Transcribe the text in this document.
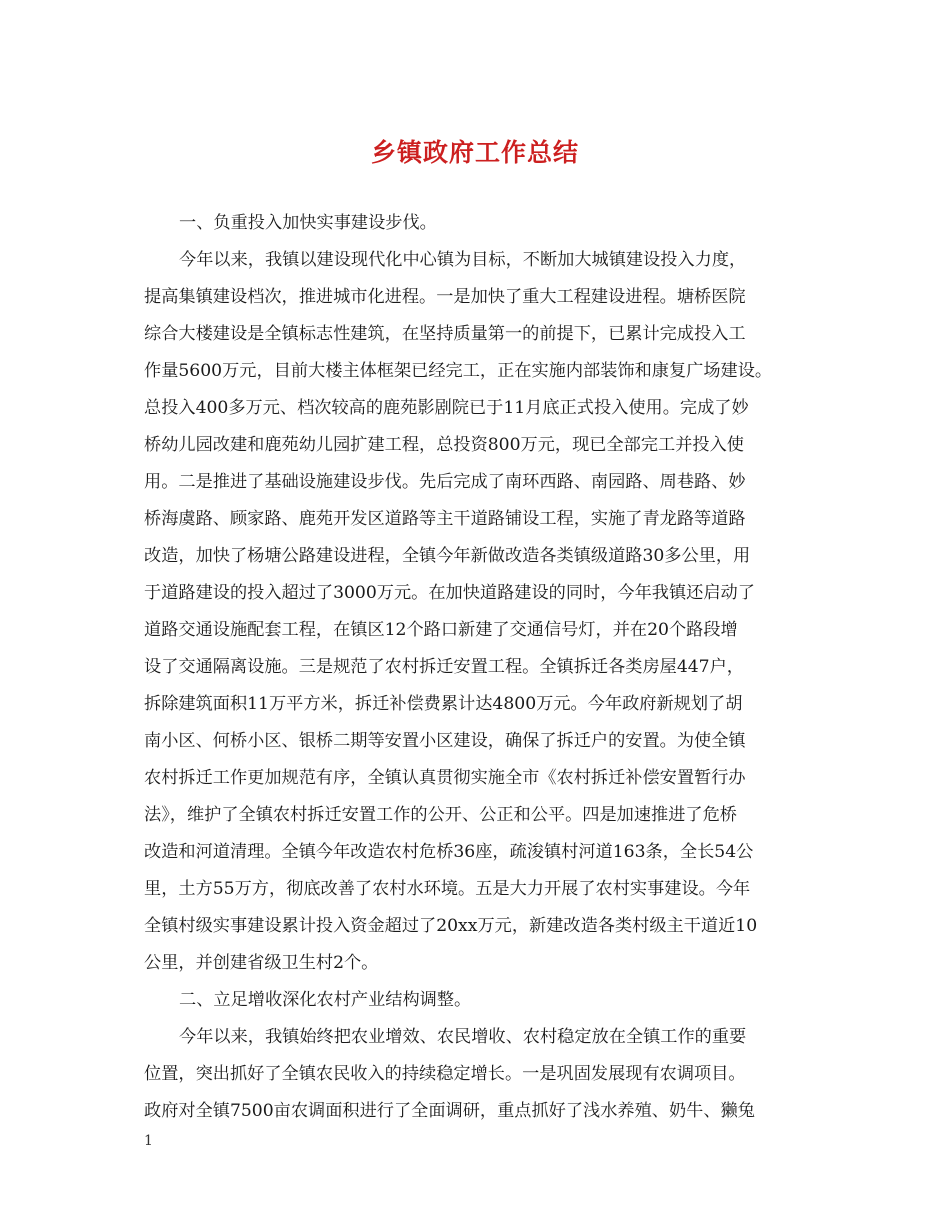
乡镇政府工作总结
一、负重投入加快实事建设步伐。
今年以来，我镇以建设现代化中心镇为目标，不断加大城镇建设投入力度，
提高集镇建设档次，推进城市化进程。一是加快了重大工程建设进程。塘桥医院
综合大楼建设是全镇标志性建筑，在坚持质量第一的前提下，已累计完成投入工
作量5600万元，目前大楼主体框架已经完工，正在实施内部装饰和康复广场建设。
总投入400多万元、档次较高的鹿苑影剧院已于11月底正式投入使用。完成了妙
桥幼儿园改建和鹿苑幼儿园扩建工程，总投资800万元，现已全部完工并投入使
用。二是推进了基础设施建设步伐。先后完成了南环西路、南园路、周巷路、妙
桥海虞路、顾家路、鹿苑开发区道路等主干道路铺设工程，实施了青龙路等道路
改造，加快了杨塘公路建设进程，全镇今年新做改造各类镇级道路30多公里，用
于道路建设的投入超过了3000万元。在加快道路建设的同时，今年我镇还启动了
道路交通设施配套工程，在镇区12个路口新建了交通信号灯，并在20个路段增
设了交通隔离设施。三是规范了农村拆迁安置工程。全镇拆迁各类房屋447户，
拆除建筑面积11万平方米，拆迁补偿费累计达4800万元。今年政府新规划了胡
南小区、何桥小区、银桥二期等安置小区建设，确保了拆迁户的安置。为使全镇
农村拆迁工作更加规范有序，全镇认真贯彻实施全市《农村拆迁补偿安置暂行办
法》，维护了全镇农村拆迁安置工作的公开、公正和公平。四是加速推进了危桥
改造和河道清理。全镇今年改造农村危桥36座，疏浚镇村河道163条，全长54公
里，土方55万方，彻底改善了农村水环境。五是大力开展了农村实事建设。今年
全镇村级实事建设累计投入资金超过了20xx万元，新建改造各类村级主干道近10
公里，并创建省级卫生村2个。
二、立足增收深化农村产业结构调整。
今年以来，我镇始终把农业增效、农民增收、农村稳定放在全镇工作的重要
位置，突出抓好了全镇农民收入的持续稳定增长。一是巩固发展现有农调项目。
政府对全镇7500亩农调面积进行了全面调研，重点抓好了浅水养殖、奶牛、獭兔
1
